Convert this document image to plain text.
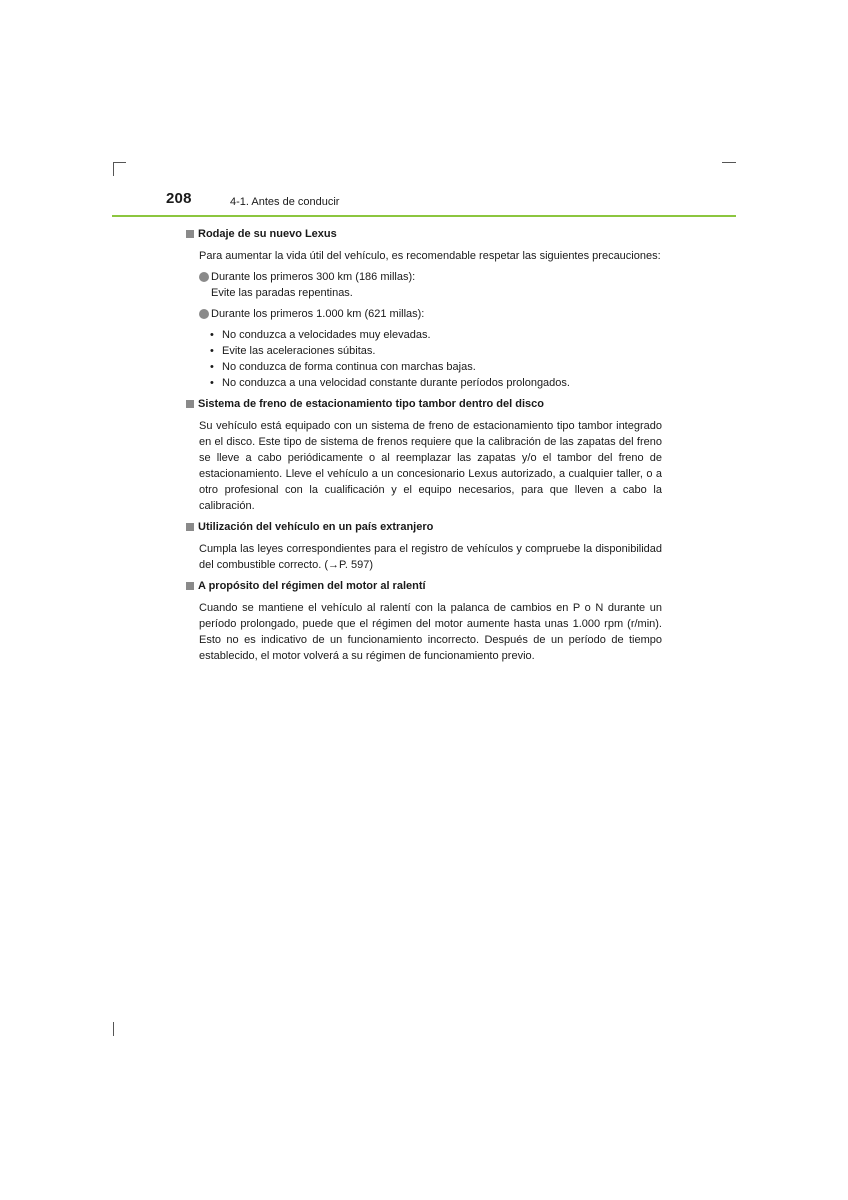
208	4-1. Antes de conducir
Rodaje de su nuevo Lexus

Para aumentar la vida útil del vehículo, es recomendable respetar las siguientes precauciones:

Durante los primeros 300 km (186 millas):
Evite las paradas repentinas.
Durante los primeros 1.000 km (621 millas):
• No conduzca a velocidades muy elevadas.
• Evite las aceleraciones súbitas.
• No conduzca de forma continua con marchas bajas.
• No conduzca a una velocidad constante durante períodos prolongados.
Sistema de freno de estacionamiento tipo tambor dentro del disco

Su vehículo está equipado con un sistema de freno de estacionamiento tipo tambor integrado en el disco. Este tipo de sistema de frenos requiere que la calibración de las zapatas del freno se lleve a cabo periódicamente o al reemplazar las zapatas y/o el tambor del freno de estacionamiento. Lleve el vehículo a un concesionario Lexus autorizado, a cualquier taller, o a otro profesional con la cualificación y el equipo necesarios, para que lleven a cabo la calibración.

Utilización del vehículo en un país extranjero

Cumpla las leyes correspondientes para el registro de vehículos y compruebe la disponibilidad del combustible correcto. (→P. 597)

A propósito del régimen del motor al ralentí

Cuando se mantiene el vehículo al ralentí con la palanca de cambios en P o N durante un período prolongado, puede que el régimen del motor aumente hasta unas 1.000 rpm (r/min). Esto no es indicativo de un funcionamiento incorrecto. Después de un período de tiempo establecido, el motor volverá a su régimen de funcionamiento previo.
